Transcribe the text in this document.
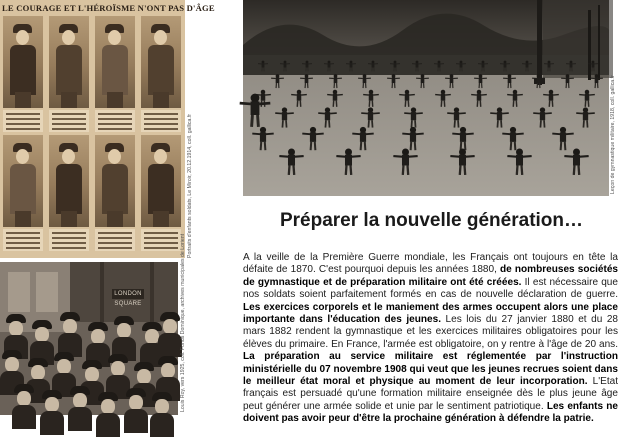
LE COURAGE ET L'HÉROÏSME N'ONT PAS D'ÂGE
Portraits d'enfants soldats, Le Miroir, 20.12.1914, coll. gallica.fr
LONDON SQUARE	Louis Roy, vers 1925, coll. Fonds Dominique, archives municipales de Lorient
Leçon de gymnastique militaire, 1918, coll. gallica.fr
Préparer la nouvelle génération…
A la veille de la Première Guerre mondiale, les Français ont toujours en tête la défaite de 1870. C'est pourquoi depuis les années 1880, de nombreuses sociétés de gymnastique et de préparation militaire ont été créées. Il est nécessaire que nos soldats soient parfaitement formés en cas de nouvelle déclaration de guerre. Les exercices corporels et le maniement des armes occupent alors une place importante dans l'éducation des jeunes. Les lois du 27 janvier 1880 et du 28 mars 1882 rendent la gymnastique et les exercices militaires obligatoires pour les élèves du primaire. En France, l'armée est obligatoire, on y rentre à l'âge de 20 ans. La préparation au service militaire est réglementée par l'instruction ministérielle du 07 novembre 1908 qui veut que les jeunes recrues soient dans le meilleur état moral et physique au moment de leur incorporation. L'Etat français est persuadé qu'une formation militaire enseignée dès le plus jeune âge peut générer une armée solide et unie par le sentiment patriotique. Les enfants ne doivent pas avoir peur d'être la prochaine génération à défendre la patrie.
